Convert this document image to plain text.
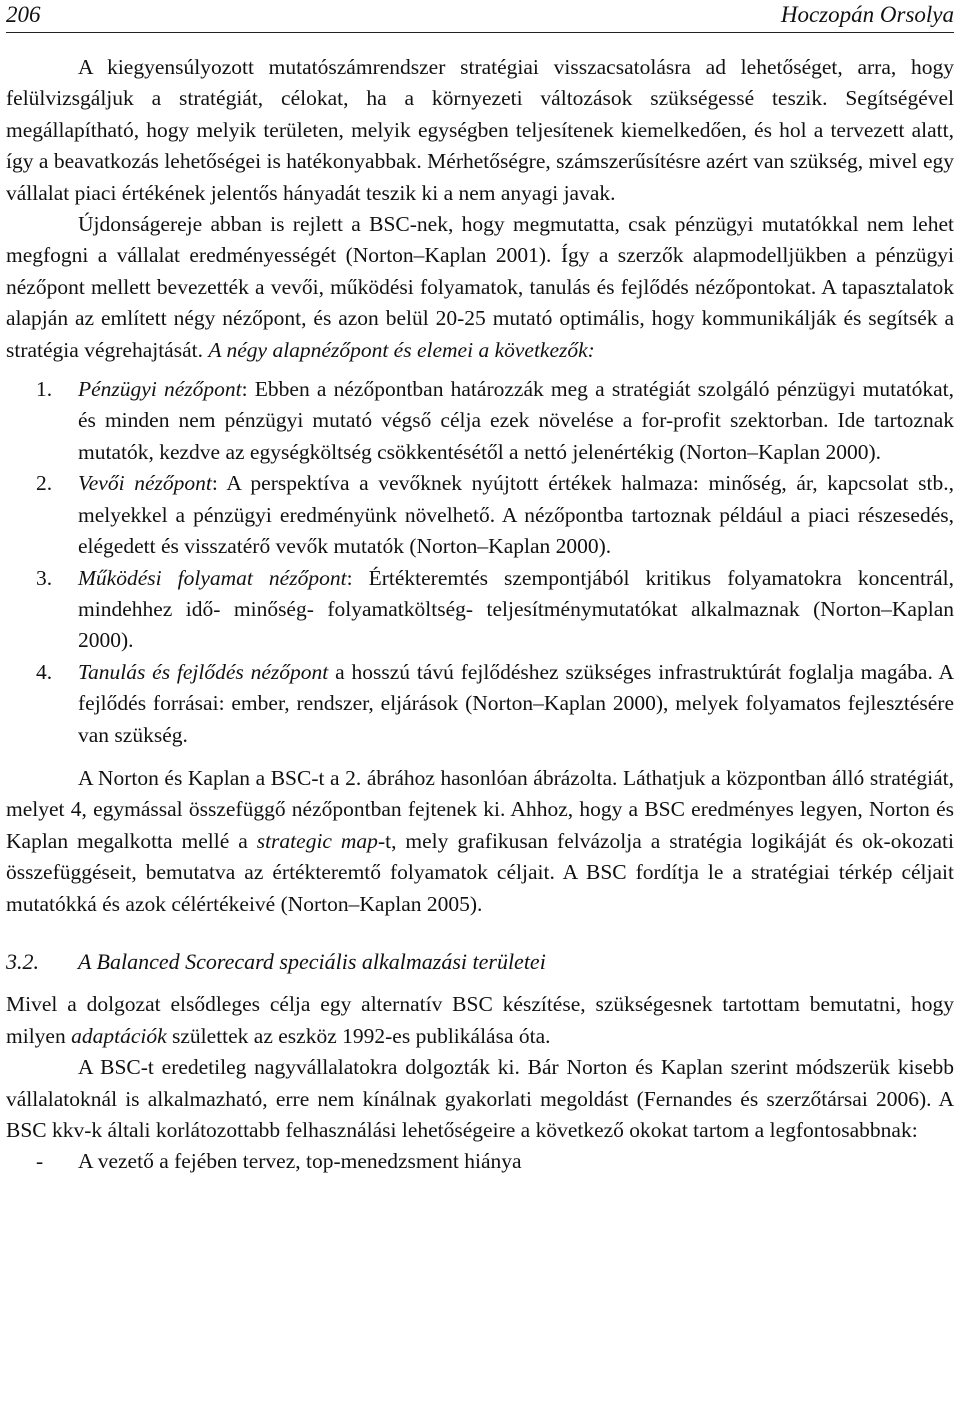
206	Hoczopán Orsolya

A kiegyensúlyozott mutatószámrendszer stratégiai visszacsatolásra ad lehetőséget, arra, hogy felülvizsgáljuk a stratégiát, célokat, ha a környezeti változások szükségessé teszik. Segítségével megállapítható, hogy melyik területen, melyik egységben teljesítenek kiemelkedően, és hol a tervezett alatt, így a beavatkozás lehetőségei is hatékonyabbak. Mérhetőségre, számszerűsítésre azért van szükség, mivel egy vállalat piaci értékének jelentős hányadát teszik ki a nem anyagi javak.

Újdonságereje abban is rejlett a BSC-nek, hogy megmutatta, csak pénzügyi mutatókkal nem lehet megfogni a vállalat eredményességét (Norton–Kaplan 2001). Így a szerzők alapmodelljükben a pénzügyi nézőpont mellett bevezették a vevői, működési folyamatok, tanulás és fejlődés nézőpontokat. A tapasztalatok alapján az említett négy nézőpont, és azon belül 20-25 mutató optimális, hogy kommunikálják és segítsék a stratégia végrehajtását. A négy alapnézőpont és elemei a következők:

1. Pénzügyi nézőpont: Ebben a nézőpontban határozzák meg a stratégiát szolgáló pénzügyi mutatókat, és minden nem pénzügyi mutató végső célja ezek növelése a for-profit szektorban. Ide tartoznak mutatók, kezdve az egységköltség csökkentésétől a nettó jelenértékig (Norton–Kaplan 2000).
2. Vevői nézőpont: A perspektíva a vevőknek nyújtott értékek halmaza: minőség, ár, kapcsolat stb., melyekkel a pénzügyi eredményünk növelhető. A nézőpontba tartoznak például a piaci részesedés, elégedett és visszatérő vevők mutatók (Norton–Kaplan 2000).
3. Működési folyamat nézőpont: Értékteremtés szempontjából kritikus folyamatokra koncentrál, mindehhez idő- minőség- folyamatköltség- teljesítménymutatókat alkalmaznak (Norton–Kaplan 2000).
4. Tanulás és fejlődés nézőpont a hosszú távú fejlődéshez szükséges infrastruktúrát foglalja magába. A fejlődés forrásai: ember, rendszer, eljárások (Norton–Kaplan 2000), melyek folyamatos fejlesztésére van szükség.

A Norton és Kaplan a BSC-t a 2. ábrához hasonlóan ábrázolta. Láthatjuk a központban álló stratégiát, melyet 4, egymással összefüggő nézőpontban fejtenek ki. Ahhoz, hogy a BSC eredményes legyen, Norton és Kaplan megalkotta mellé a strategic map-t, mely grafikusan felvázolja a stratégia logikáját és ok-okozati összefüggéseit, bemutatva az értékteremtő folyamatok céljait. A BSC fordítja le a stratégiai térkép céljait mutatókká és azok célértékeivé (Norton–Kaplan 2005).

3.2. A Balanced Scorecard speciális alkalmazási területei

Mivel a dolgozat elsődleges célja egy alternatív BSC készítése, szükségesnek tartottam bemutatni, hogy milyen adaptációk születtek az eszköz 1992-es publikálása óta.

A BSC-t eredetileg nagyvállalatokra dolgozták ki. Bár Norton és Kaplan szerint módszerük kisebb vállalatoknál is alkalmazható, erre nem kínálnak gyakorlati megoldást (Fernandes és szerzőtársai 2006). A BSC kkv-k általi korlátozottabb felhasználási lehetőségeire a következő okokat tartom a legfontosabbnak:

- A vezető a fejében tervez, top-menedzsment hiánya
